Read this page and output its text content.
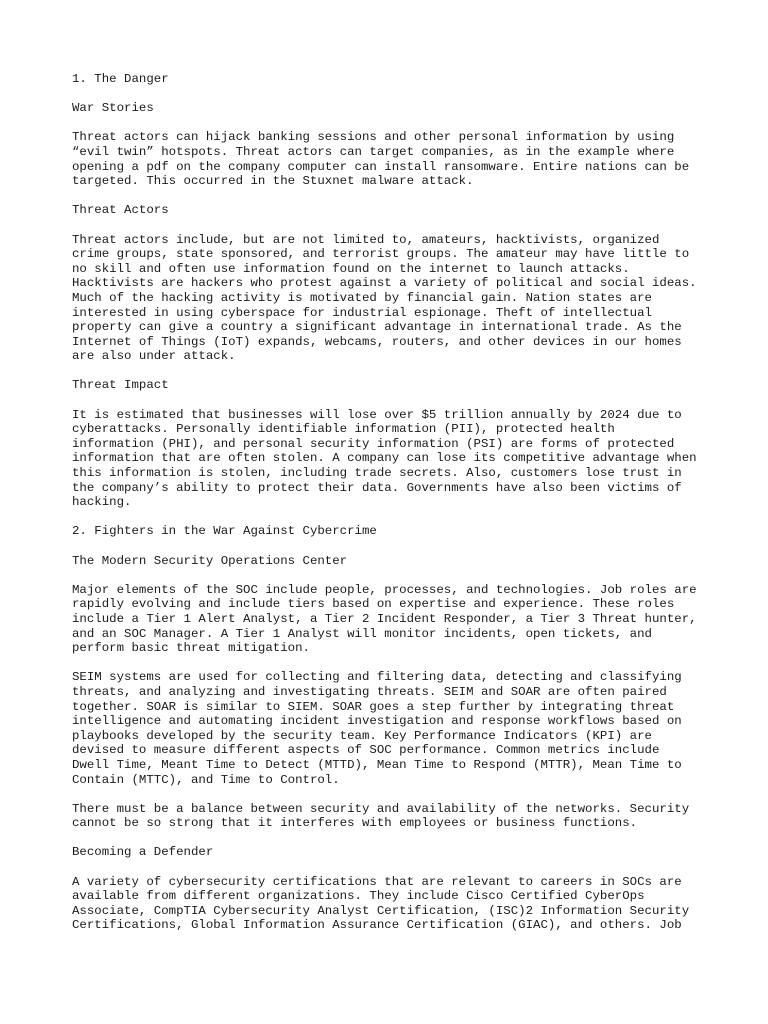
1. The Danger

War Stories

Threat actors can hijack banking sessions and other personal information by using “evil twin” hotspots. Threat actors can target companies, as in the example where opening a pdf on the company computer can install ransomware. Entire nations can be targeted. This occurred in the Stuxnet malware attack.

Threat Actors

Threat actors include, but are not limited to, amateurs, hacktivists, organized crime groups, state sponsored, and terrorist groups. The amateur may have little to no skill and often use information found on the internet to launch attacks. Hacktivists are hackers who protest against a variety of political and social ideas. Much of the hacking activity is motivated by financial gain. Nation states are interested in using cyberspace for industrial espionage. Theft of intellectual property can give a country a significant advantage in international trade. As the Internet of Things (IoT) expands, webcams, routers, and other devices in our homes are also under attack.

Threat Impact

It is estimated that businesses will lose over $5 trillion annually by 2024 due to cyberattacks. Personally identifiable information (PII), protected health information (PHI), and personal security information (PSI) are forms of protected information that are often stolen. A company can lose its competitive advantage when this information is stolen, including trade secrets. Also, customers lose trust in the company’s ability to protect their data. Governments have also been victims of hacking.

2. Fighters in the War Against Cybercrime

The Modern Security Operations Center

Major elements of the SOC include people, processes, and technologies. Job roles are rapidly evolving and include tiers based on expertise and experience. These roles include a Tier 1 Alert Analyst, a Tier 2 Incident Responder, a Tier 3 Threat hunter, and an SOC Manager. A Tier 1 Analyst will monitor incidents, open tickets, and perform basic threat mitigation.

SEIM systems are used for collecting and filtering data, detecting and classifying threats, and analyzing and investigating threats. SEIM and SOAR are often paired together. SOAR is similar to SIEM. SOAR goes a step further by integrating threat intelligence and automating incident investigation and response workflows based on playbooks developed by the security team. Key Performance Indicators (KPI) are devised to measure different aspects of SOC performance. Common metrics include Dwell Time, Meant Time to Detect (MTTD), Mean Time to Respond (MTTR), Mean Time to Contain (MTTC), and Time to Control.

There must be a balance between security and availability of the networks. Security cannot be so strong that it interferes with employees or business functions.

Becoming a Defender

A variety of cybersecurity certifications that are relevant to careers in SOCs are available from different organizations. They include Cisco Certified CyberOps Associate, CompTIA Cybersecurity Analyst Certification, (ISC)2 Information Security Certifications, Global Information Assurance Certification (GIAC), and others. Job
